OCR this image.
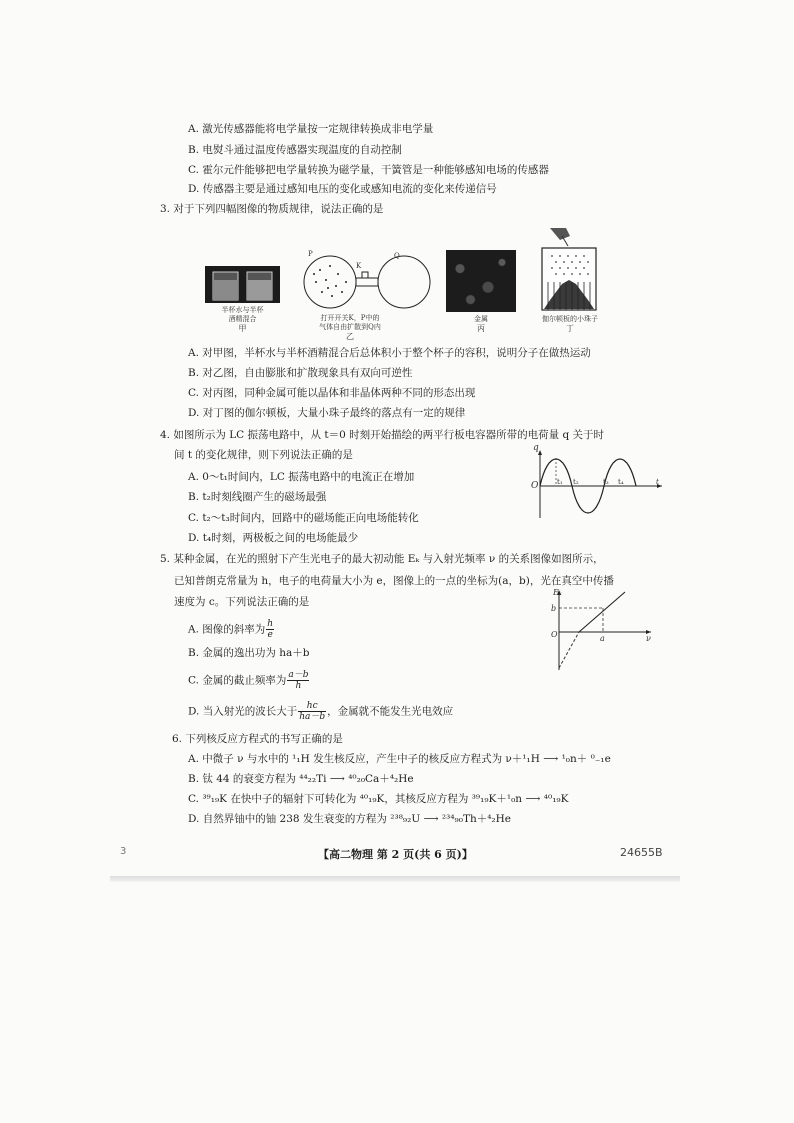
A. 激光传感器能将电学量按一定规律转换成非电学量
B. 电熨斗通过温度传感器实现温度的自动控制
C. 霍尔元件能够把电学量转换为磁学量，干簧管是一种能够感知电场的传感器
D. 传感器主要是通过感知电压的变化或感知电流的变化来传递信号
3. 对于下列四幅图像的物质规律，说法正确的是
半杯水与半杯
酒精混合
甲
P
K
Q
打开开关K，P中的
气体自由扩散到Q内
乙
金属
丙
伽尔顿板的小珠子
丁
A. 对甲图，半杯水与半杯酒精混合后总体积小于整个杯子的容积，说明分子在做热运动
B. 对乙图，自由膨胀和扩散现象具有双向可逆性
C. 对丙图，同种金属可能以晶体和非晶体两种不同的形态出现
D. 对丁图的伽尔顿板，大量小珠子最终的落点有一定的规律
4. 如图所示为 LC 振荡电路中，从 t＝0 时刻开始描绘的两平行板电容器所带的电荷量 q 关于时
间 t 的变化规律，则下列说法正确的是
A. 0～t₁时间内，LC 振荡电路中的电流正在增加
B. t₂时刻线圈产生的磁场最强
C. t₂～t₃时间内，回路中的磁场能正向电场能转化
D. t₄时刻，两极板之间的电场能最少
q
O	t₁ t₂	t₃ t₄	t
5. 某种金属，在光的照射下产生光电子的最大初动能 Eₖ 与入射光频率 ν 的关系图像如图所示，
已知普朗克常量为 h，电子的电荷量大小为 e，图像上的一点的坐标为(a，b)，光在真空中传播
速度为 c。下列说法正确的是
A. 图像的斜率为 $\frac{h}{e}$
B. 金属的逸出功为 ha＋b
C. 金属的截止频率为 $\frac{a-b}{h}$
D. 当入射光的波长大于 $\frac{hc}{ha-b}$ ，金属就不能发生光电效应
Eₖ
b
O	a	ν
6. 下列核反应方程式的书写正确的是
A. 中微子 ν 与水中的 ¹₁H 发生核反应，产生中子的核反应方程式为 ν＋¹₁H ⟶ ¹₀n＋ ⁰₋₁e
B. 钛 44 的衰变方程为 ⁴⁴₂₂Ti ⟶ ⁴⁰₂₀Ca＋⁴₂He
C. ³⁹₁₉K 在快中子的辐射下可转化为 ⁴⁰₁₉K，其核反应方程为 ³⁹₁₉K＋¹₀n ⟶ ⁴⁰₁₉K
D. 自然界铀中的铀 238 发生衰变的方程为 ²³⁸₉₂U ⟶ ²³⁴₉₀Th＋⁴₂He
3	【高二物理 第 2 页(共 6 页)】	24655B
